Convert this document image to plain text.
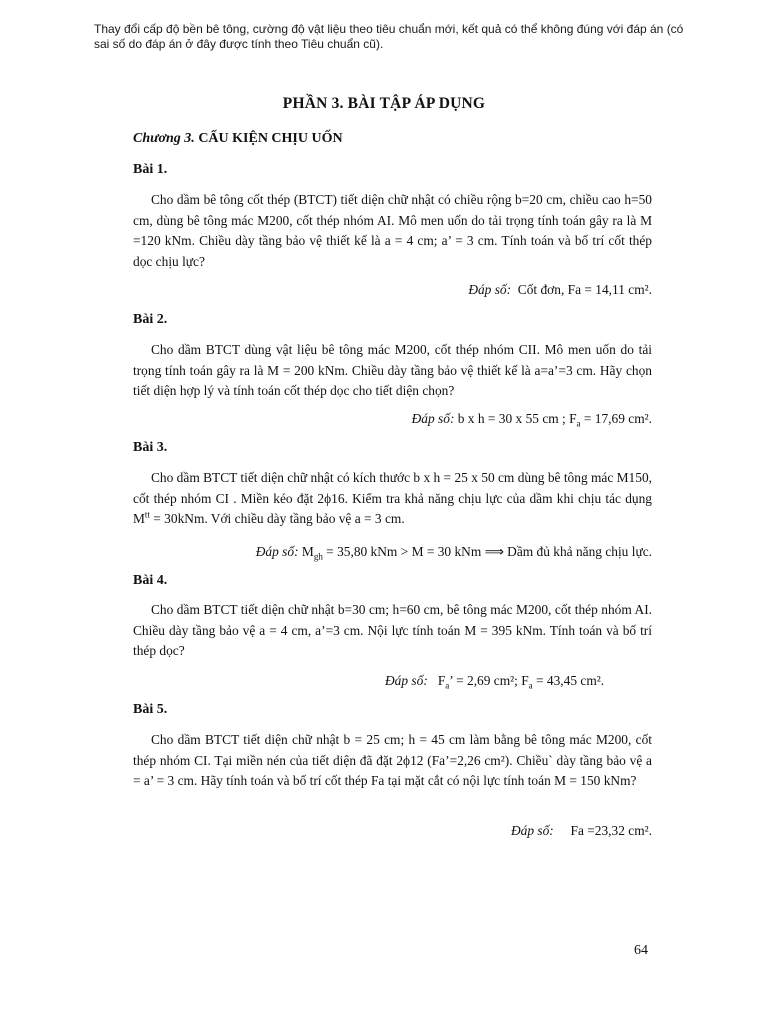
Thay đổi cấp độ bền bê tông, cường độ vật liệu theo tiêu chuẩn mới, kết quả có thể không đúng với đáp án (có sai số do đáp án ở đây được tính theo Tiêu chuẩn cũ).
PHẦN 3. BÀI TẬP ÁP DỤNG
Chương 3. CẤU KIỆN CHỊU UỐN
Bài 1.
Cho dầm bê tông cốt thép (BTCT) tiết diện chữ nhật có chiều rộng b=20 cm, chiều cao h=50 cm, dùng bê tông mác M200, cốt thép nhóm AI. Mô men uốn do tải trọng tính toán gây ra là M =120 kNm. Chiều dày tầng bảo vệ thiết kế là a = 4 cm; a’ = 3 cm. Tính toán và bố trí cốt thép dọc chịu lực?
Đáp số: Cốt đơn, Fa = 14,11 cm².
Bài 2.
Cho dầm BTCT dùng vật liệu bê tông mác M200, cốt thép nhóm CII. Mô men uốn do tải trọng tính toán gây ra là M = 200 kNm. Chiều dày tầng bảo vệ thiết kế là a=a’=3 cm. Hãy chọn tiết diện hợp lý và tính toán cốt thép dọc cho tiết diện chọn?
Đáp số: b x h = 30 x 55 cm ; $F_a = 17,69$ cm².
Bài 3.
Cho dầm BTCT tiết diện chữ nhật có kích thước b x h = 25 x 50 cm dùng bê tông mác M150, cốt thép nhóm CI . Miền kéo đặt 2ϕ16. Kiểm tra khả năng chịu lực của dầm khi chịu tác dụng $M^{tt} = 30kNm$. Với chiều dày tầng bảo vệ a = 3 cm.
Đáp số: $M_{gh} = 35,80$ kNm > M = 30 kNm ⟹ Dầm đủ khả năng chịu lực.
Bài 4.
Cho dầm BTCT tiết diện chữ nhật b=30 cm; h=60 cm, bê tông mác M200, cốt thép nhóm AI. Chiều dày tầng bảo vệ a = 4 cm, a’=3 cm. Nội lực tính toán M = 395 kNm. Tính toán và bố trí thép dọc?
Đáp số: $F_a$’ = 2,69 cm²; $F_a = 43,45$ cm².
Bài 5.
Cho dầm BTCT tiết diện chữ nhật b = 25 cm; h = 45 cm làm bằng bê tông mác M200, cốt thép nhóm CI. Tại miền nén của tiết diện đã đặt 2ϕ12 (Fa’=2,26 cm²). Chiều` dày tầng bảo vệ a = a’ = 3 cm. Hãy tính toán và bố trí cốt thép Fa tại mặt cắt có nội lực tính toán M = 150 kNm?
Đáp số: Fa =23,32 cm².
64
